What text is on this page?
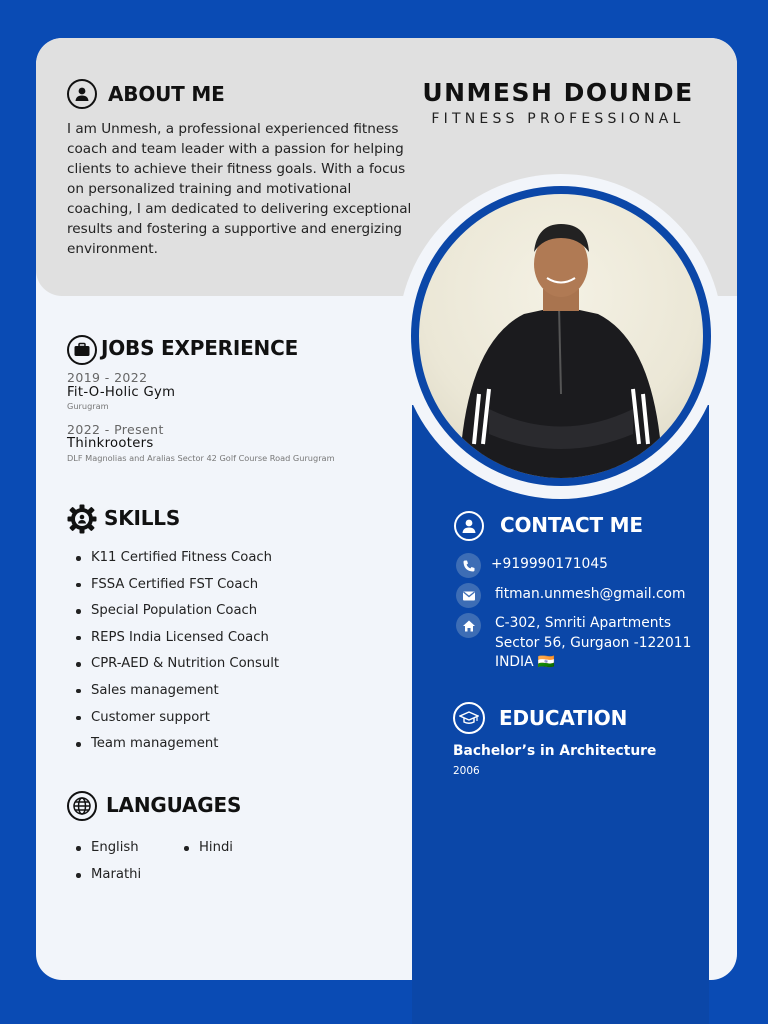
UNMESH DOUNDE
FITNESS PROFESSIONAL
ABOUT ME
I am Unmesh, a professional experienced fitness coach and team leader with a passion for helping clients to achieve their fitness goals. With a focus on personalized training and motivational coaching, I am dedicated to delivering exceptional results and fostering a supportive and energizing environment.
JOBS EXPERIENCE
2019 - 2022
Fit-O-Holic Gym
Gurugram
2022 - Present
Thinkrooters
DLF Magnolias and Aralias Sector 42 Golf Course Road Gurugram
SKILLS
K11 Certified Fitness Coach
FSSA Certified FST Coach
Special Population Coach
REPS India Licensed Coach
CPR-AED & Nutrition Consult
Sales management
Customer support
Team management
LANGUAGES
English	Hindi
Marathi
CONTACT ME
+919990171045
fitman.unmesh@gmail.com
C-302, Smriti Apartments
Sector 56, Gurgaon -122011
INDIA 🇮🇳
EDUCATION
Bachelor’s in Architecture
2006
